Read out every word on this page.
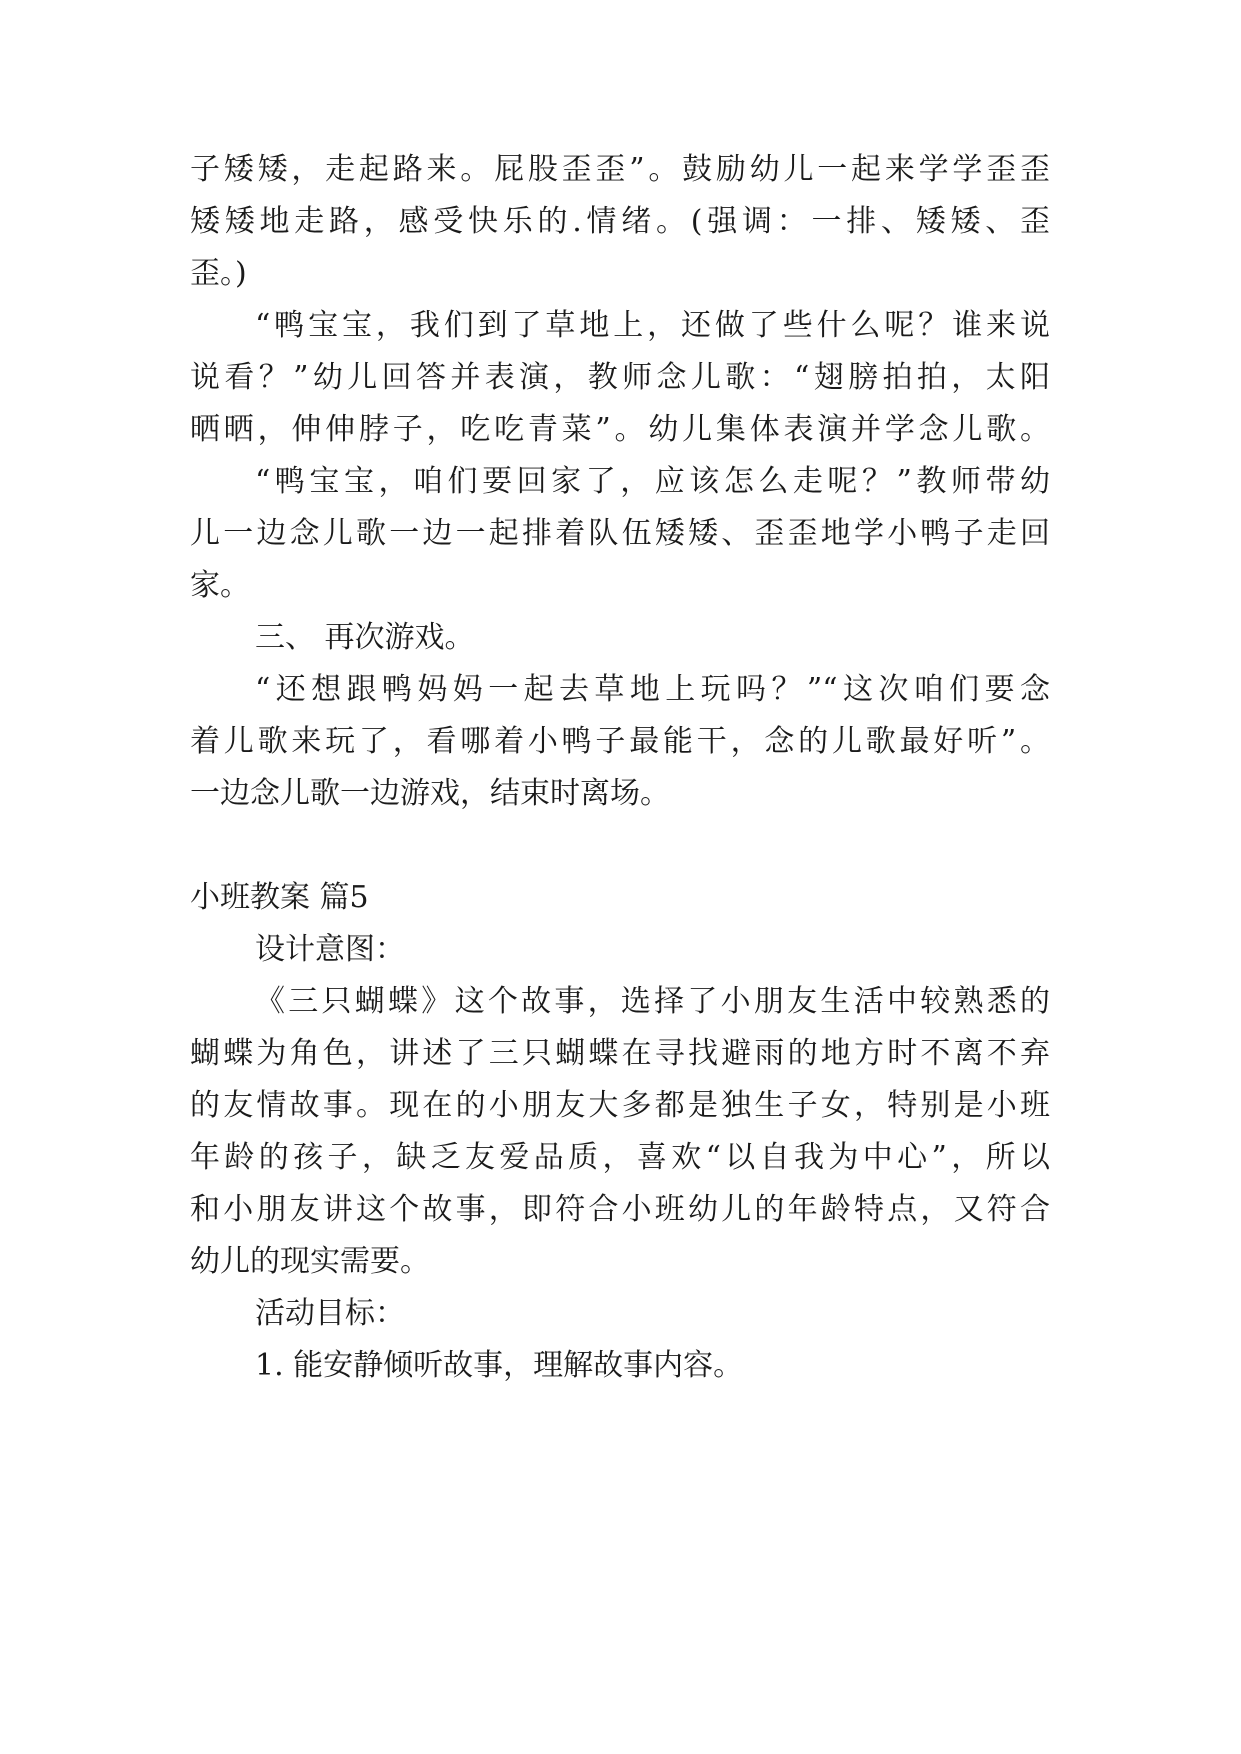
子矮矮，走起路来。屁股歪歪”。鼓励幼儿一起来学学歪歪
矮矮地走路，感受快乐的.情绪。(强调：一排、矮矮、歪
歪。)
“鸭宝宝，我们到了草地上，还做了些什么呢？谁来说
说看？”幼儿回答并表演，教师念儿歌：“翅膀拍拍，太阳
晒晒，伸伸脖子，吃吃青菜”。幼儿集体表演并学念儿歌。
“鸭宝宝，咱们要回家了，应该怎么走呢？”教师带幼
儿一边念儿歌一边一起排着队伍矮矮、歪歪地学小鸭子走回
家。
三、 再次游戏。
“还想跟鸭妈妈一起去草地上玩吗？”“这次咱们要念
着儿歌来玩了，看哪着小鸭子最能干，念的儿歌最好听”。
一边念儿歌一边游戏，结束时离场。
小班教案 篇5
设计意图：
《三只蝴蝶》这个故事，选择了小朋友生活中较熟悉的
蝴蝶为角色，讲述了三只蝴蝶在寻找避雨的地方时不离不弃
的友情故事。现在的小朋友大多都是独生子女，特别是小班
年龄的孩子，缺乏友爱品质，喜欢“以自我为中心”，所以
和小朋友讲这个故事，即符合小班幼儿的年龄特点，又符合
幼儿的现实需要。
活动目标：
1. 能安静倾听故事，理解故事内容。
